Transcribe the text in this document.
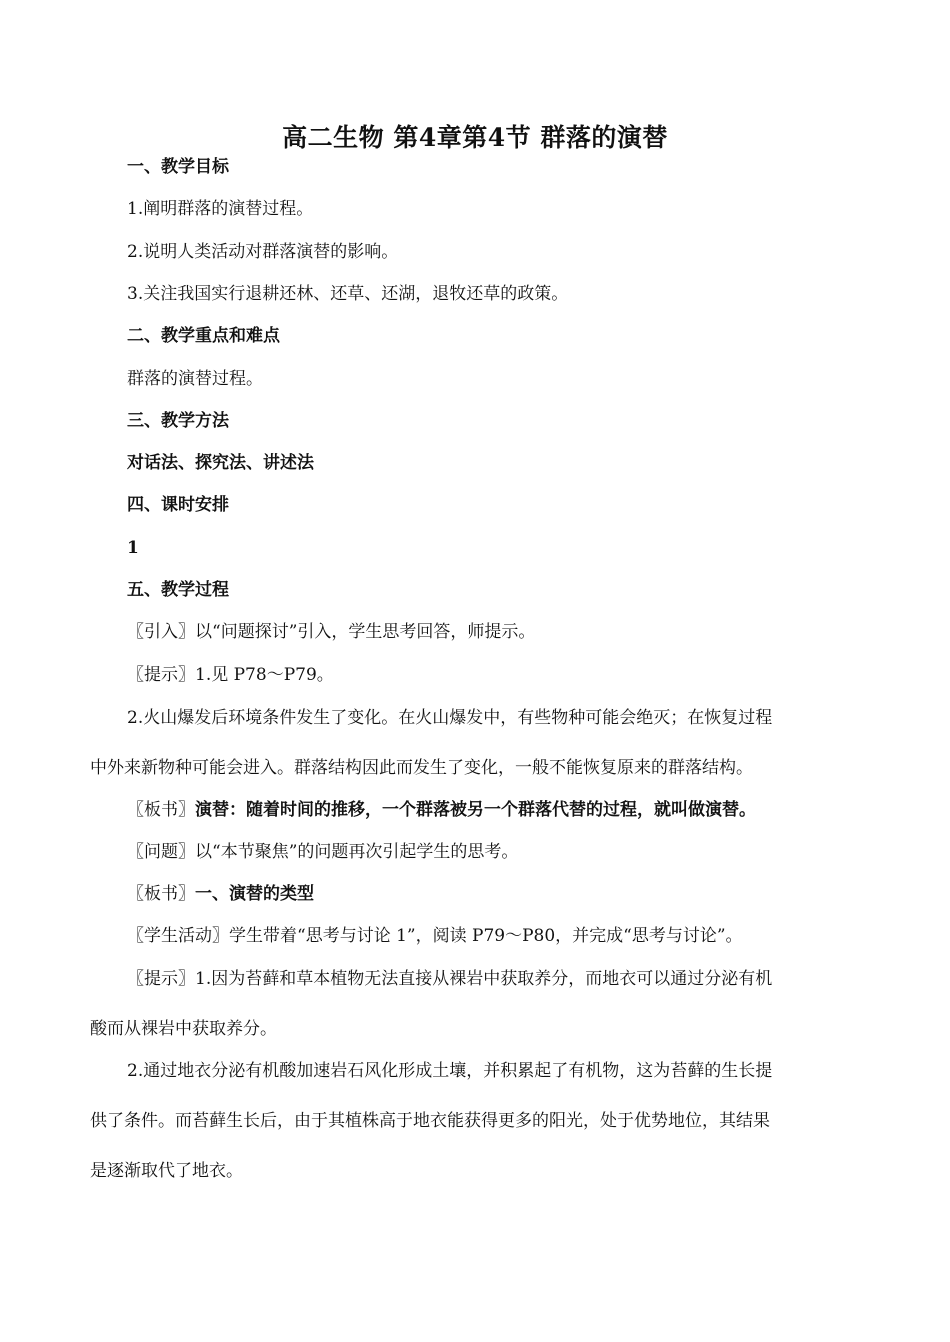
高二生物 第4章第4节 群落的演替

一、教学目标

1.阐明群落的演替过程。

2.说明人类活动对群落演替的影响。

3.关注我国实行退耕还林、还草、还湖，退牧还草的政策。

二、教学重点和难点

群落的演替过程。

三、教学方法

对话法、探究法、讲述法

四、课时安排

1

五、教学过程

〖引入〗以“问题探讨”引入，学生思考回答，师提示。

〖提示〗1.见 P78～P79。

2.火山爆发后环境条件发生了变化。在火山爆发中，有些物种可能会绝灭；在恢复过程

中外来新物种可能会进入。群落结构因此而发生了变化，一般不能恢复原来的群落结构。

〖板书〗演替：随着时间的推移，一个群落被另一个群落代替的过程，就叫做演替。

〖问题〗以“本节聚焦”的问题再次引起学生的思考。

〖板书〗一、演替的类型

〖学生活动〗学生带着“思考与讨论 1”，阅读 P79～P80，并完成“思考与讨论”。

〖提示〗1.因为苔藓和草本植物无法直接从裸岩中获取养分，而地衣可以通过分泌有机

酸而从裸岩中获取养分。

2.通过地衣分泌有机酸加速岩石风化形成土壤，并积累起了有机物，这为苔藓的生长提

供了条件。而苔藓生长后，由于其植株高于地衣能获得更多的阳光，处于优势地位，其结果

是逐渐取代了地衣。
